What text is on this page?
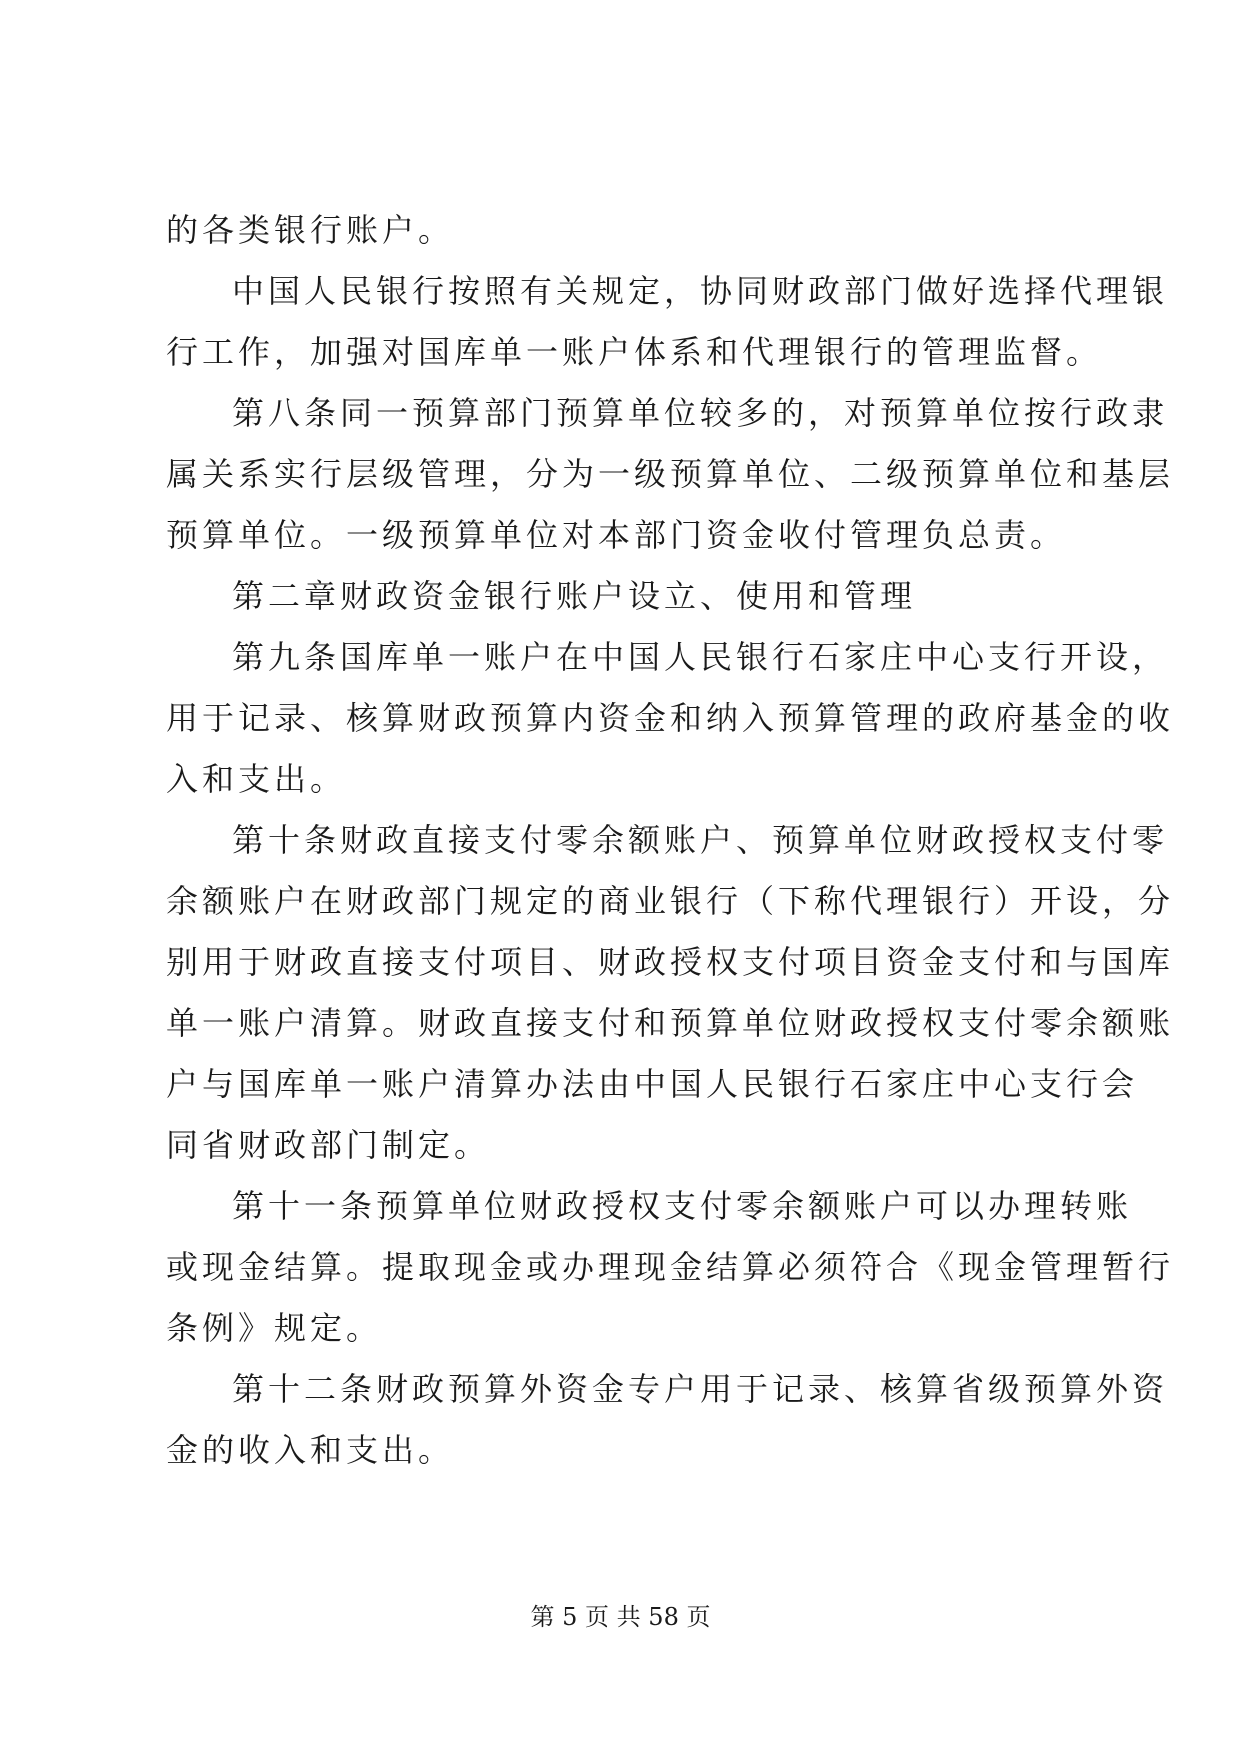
的各类银行账户。
中国人民银行按照有关规定，协同财政部门做好选择代理银
行工作，加强对国库单一账户体系和代理银行的管理监督。
第八条同一预算部门预算单位较多的，对预算单位按行政隶
属关系实行层级管理，分为一级预算单位、二级预算单位和基层
预算单位。一级预算单位对本部门资金收付管理负总责。
第二章财政资金银行账户设立、使用和管理
第九条国库单一账户在中国人民银行石家庄中心支行开设，
用于记录、核算财政预算内资金和纳入预算管理的政府基金的收
入和支出。
第十条财政直接支付零余额账户、预算单位财政授权支付零
余额账户在财政部门规定的商业银行（下称代理银行）开设，分
别用于财政直接支付项目、财政授权支付项目资金支付和与国库
单一账户清算。财政直接支付和预算单位财政授权支付零余额账
户与国库单一账户清算办法由中国人民银行石家庄中心支行会
同省财政部门制定。
第十一条预算单位财政授权支付零余额账户可以办理转账
或现金结算。提取现金或办理现金结算必须符合《现金管理暂行
条例》规定。
第十二条财政预算外资金专户用于记录、核算省级预算外资
金的收入和支出。
第 5 页 共 58 页
